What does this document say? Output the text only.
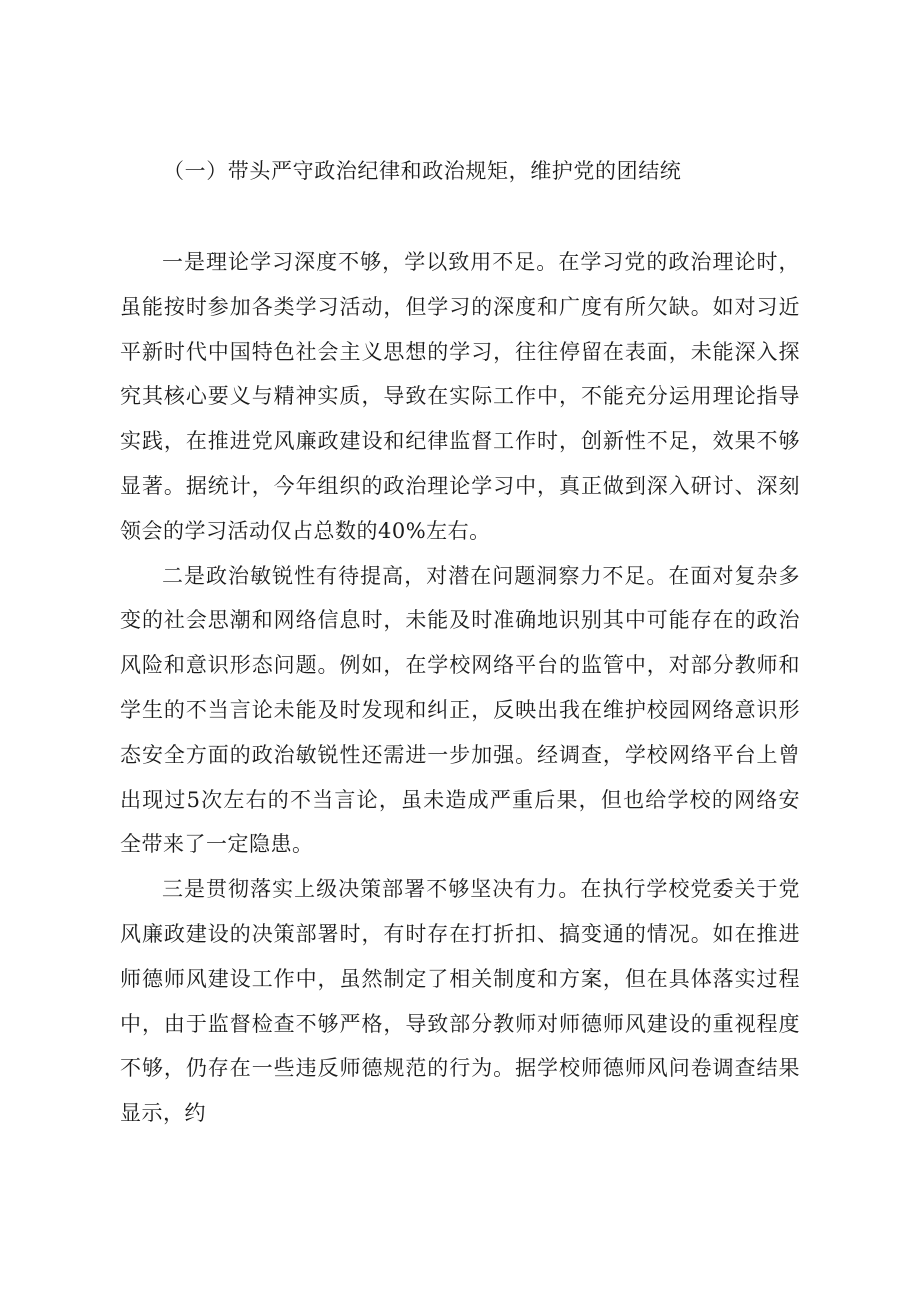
（一）带头严守政治纪律和政治规矩，维护党的团结统

一是理论学习深度不够，学以致用不足。在学习党的政治理论时，虽能按时参加各类学习活动，但学习的深度和广度有所欠缺。如对习近平新时代中国特色社会主义思想的学习，往往停留在表面，未能深入探究其核心要义与精神实质，导致在实际工作中，不能充分运用理论指导实践，在推进党风廉政建设和纪律监督工作时，创新性不足，效果不够显著。据统计，今年组织的政治理论学习中，真正做到深入研讨、深刻领会的学习活动仅占总数的40%左右。

二是政治敏锐性有待提高，对潜在问题洞察力不足。在面对复杂多变的社会思潮和网络信息时，未能及时准确地识别其中可能存在的政治风险和意识形态问题。例如，在学校网络平台的监管中，对部分教师和学生的不当言论未能及时发现和纠正，反映出我在维护校园网络意识形态安全方面的政治敏锐性还需进一步加强。经调查，学校网络平台上曾出现过5次左右的不当言论，虽未造成严重后果，但也给学校的网络安全带来了一定隐患。

三是贯彻落实上级决策部署不够坚决有力。在执行学校党委关于党风廉政建设的决策部署时，有时存在打折扣、搞变通的情况。如在推进师德师风建设工作中，虽然制定了相关制度和方案，但在具体落实过程中，由于监督检查不够严格，导致部分教师对师德师风建设的重视程度不够，仍存在一些违反师德规范的行为。据学校师德师风问卷调查结果显示，约
